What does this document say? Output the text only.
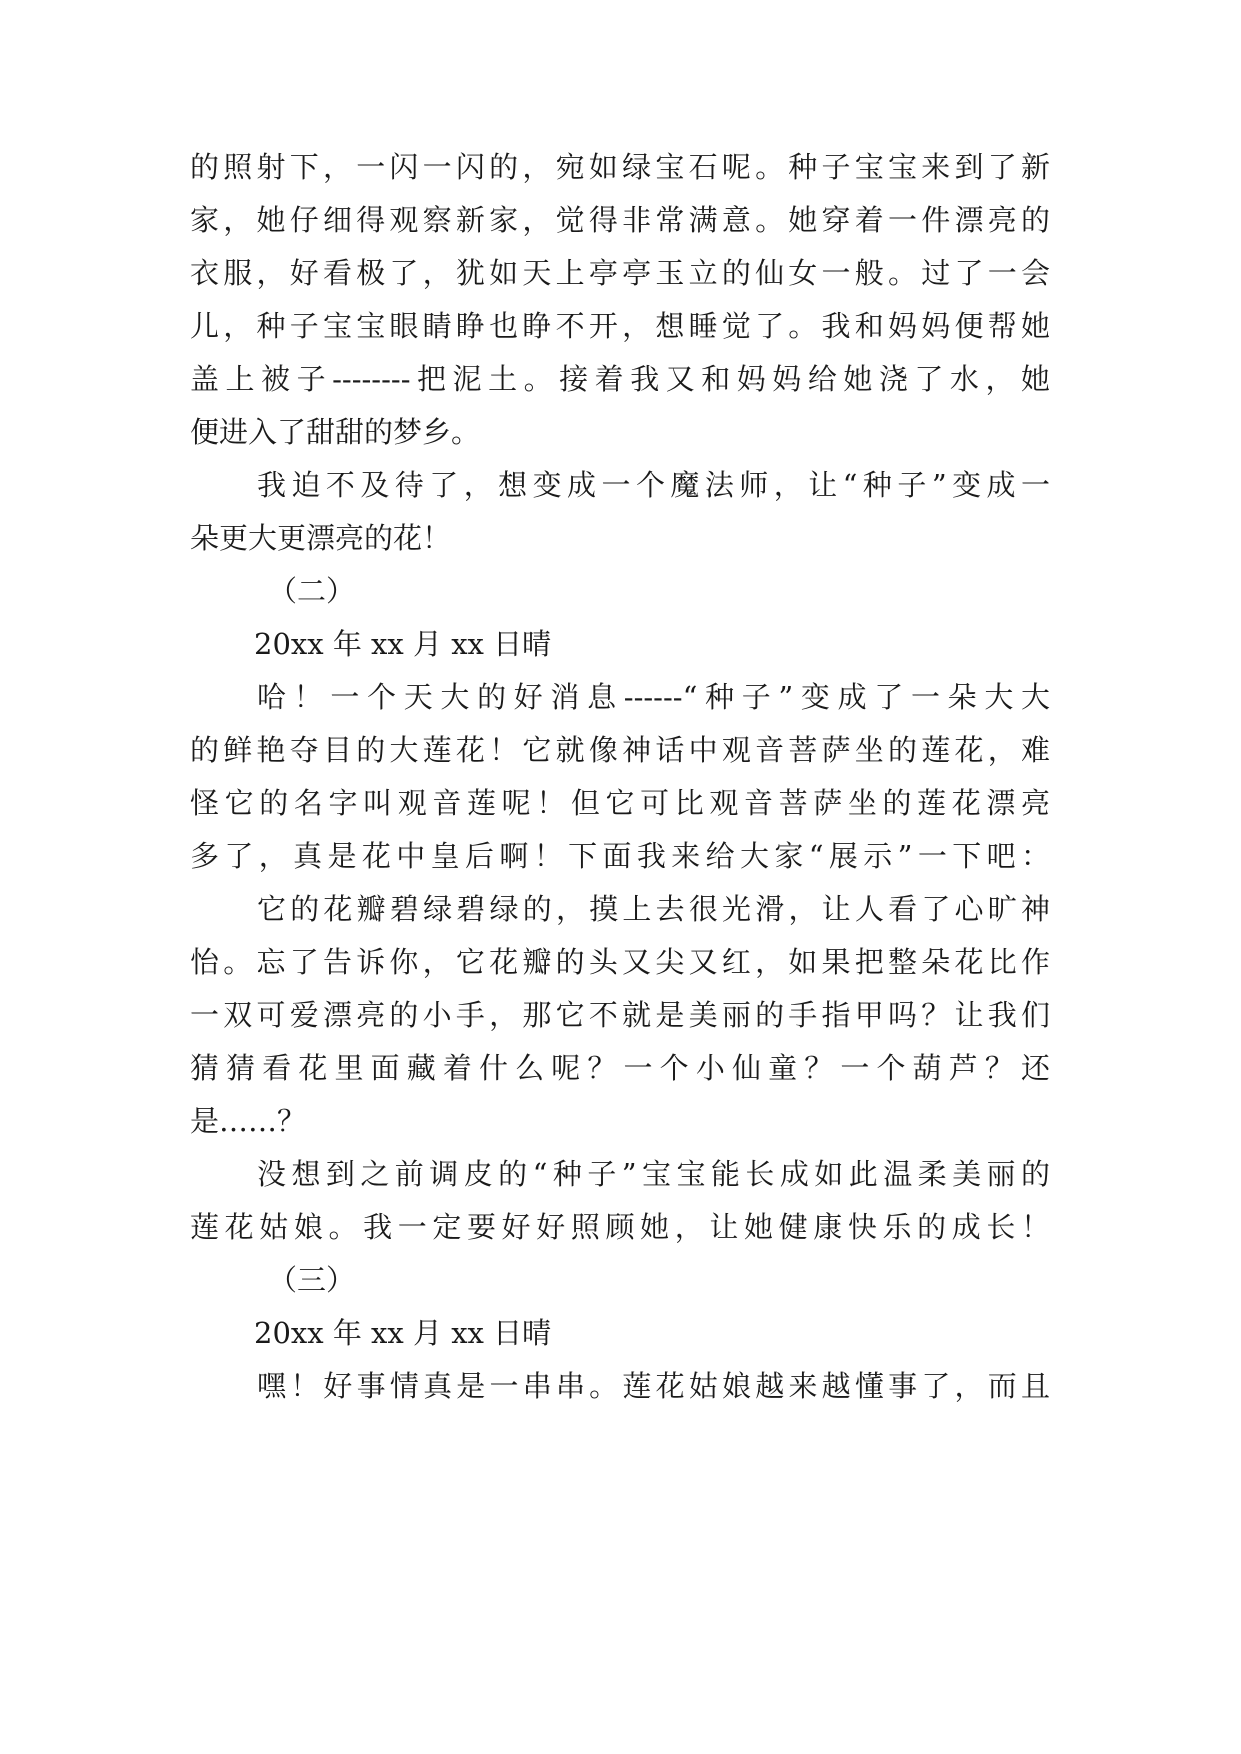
的照射下，一闪一闪的，宛如绿宝石呢。种子宝宝来到了新
家，她仔细得观察新家，觉得非常满意。她穿着一件漂亮的
衣服，好看极了，犹如天上亭亭玉立的仙女一般。过了一会
儿，种子宝宝眼睛睁也睁不开，想睡觉了。我和妈妈便帮她
盖上被子--------把泥土。接着我又和妈妈给她浇了水，她
便进入了甜甜的梦乡。
我迫不及待了，想变成一个魔法师，让“种子”变成一
朵更大更漂亮的花！
（二）
20xx 年 xx 月 xx 日晴
哈！一个天大的好消息------“种子”变成了一朵大大
的鲜艳夺目的大莲花！它就像神话中观音菩萨坐的莲花，难
怪它的名字叫观音莲呢！但它可比观音菩萨坐的莲花漂亮
多了，真是花中皇后啊！下面我来给大家“展示”一下吧：
它的花瓣碧绿碧绿的，摸上去很光滑，让人看了心旷神
怡。忘了告诉你，它花瓣的头又尖又红，如果把整朵花比作
一双可爱漂亮的小手，那它不就是美丽的手指甲吗？让我们
猜猜看花里面藏着什么呢？一个小仙童？一个葫芦？还
是……？
没想到之前调皮的“种子”宝宝能长成如此温柔美丽的
莲花姑娘。我一定要好好照顾她，让她健康快乐的成长！
（三）
20xx 年 xx 月 xx 日晴
嘿！好事情真是一串串。莲花姑娘越来越懂事了，而且
